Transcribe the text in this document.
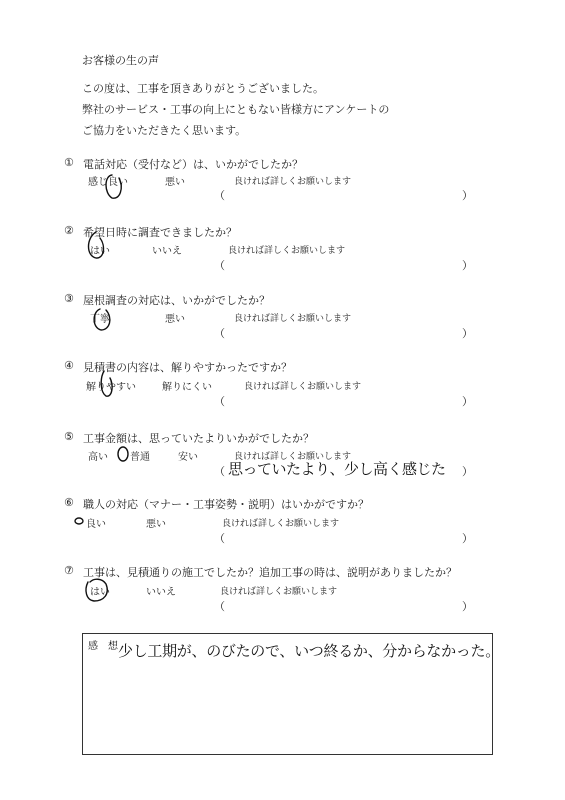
お客様の生の声
この度は、工事を頂きありがとうございました。
弊社のサービス・工事の向上にともない皆様方にアンケートの
ご協力をいただきたく思います。
① 電話対応（受付など）は、いかがでしたか？
感じ良い	悪い	良ければ詳しくお願いします
（	）
② 希望日時に調査できましたか？
はい	いいえ	良ければ詳しくお願いします
（	）
③ 屋根調査の対応は、いかがでしたか？
丁寧	悪い	良ければ詳しくお願いします
（	）
④ 見積書の内容は、解りやすかったですか？
解りやすい	解りにくい	良ければ詳しくお願いします
（	）
⑤ 工事金額は、思っていたよりいかがでしたか？
高い 普通	安い	良ければ詳しくお願いします
（	）
思っていたより、少し高く感じた
⑥ 職人の対応（マナー・工事姿勢・説明）はいかがですか？
良い	悪い	良ければ詳しくお願いします
（	）
⑦ 工事は、見積通りの施工でしたか？追加工事の時は、説明がありましたか？
はい	いいえ	良ければ詳しくお願いします
（	）
感　想 少し工期が、のびたので、いつ終るか、分からなかった。
